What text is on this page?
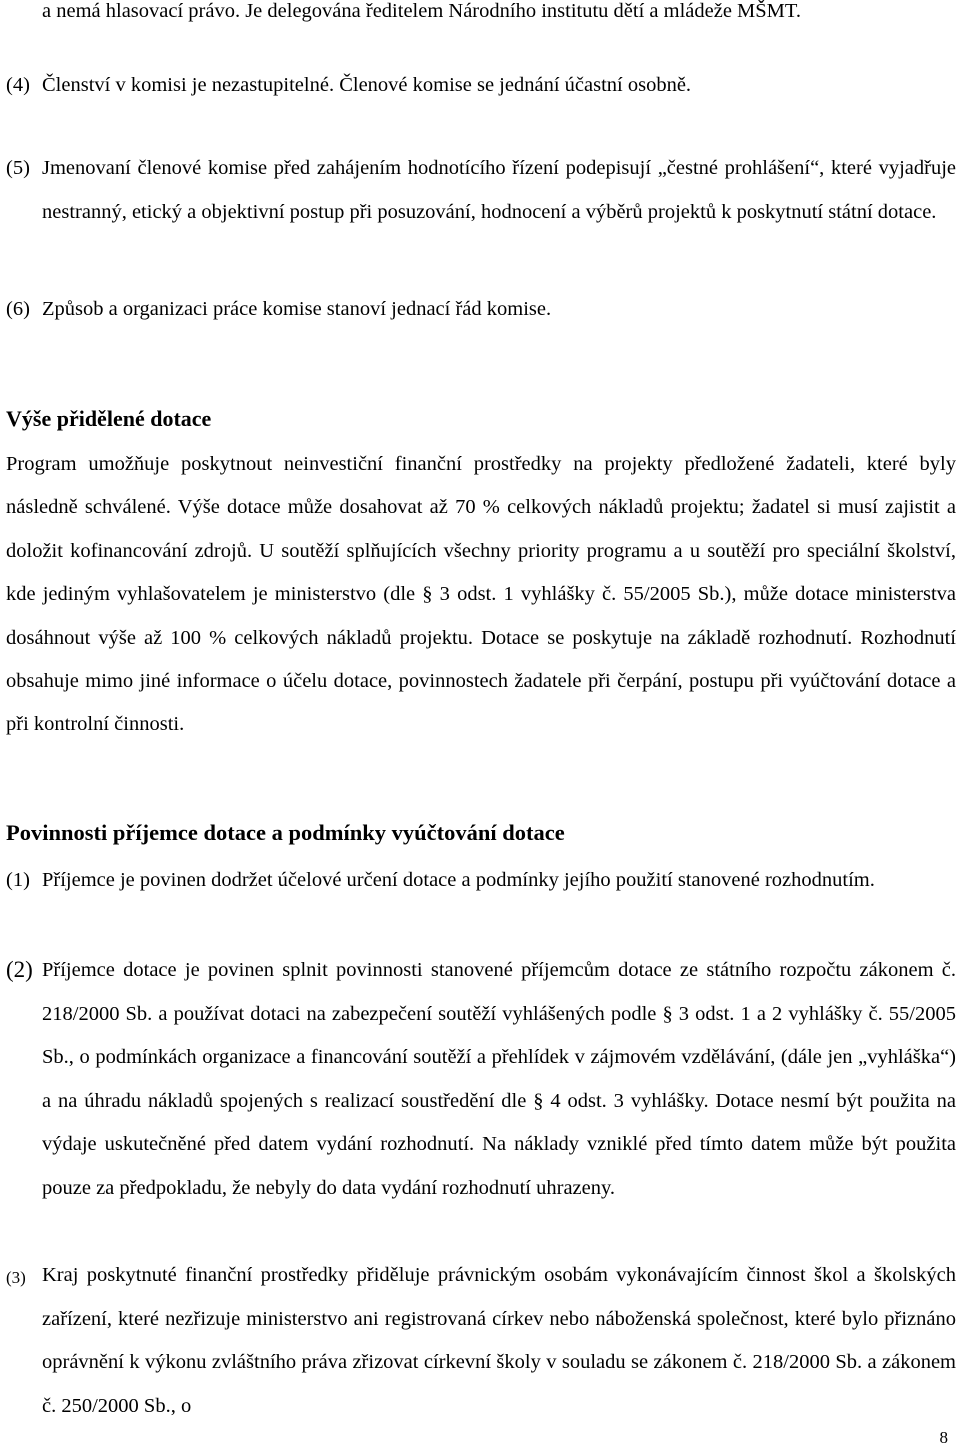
a nemá hlasovací právo. Je delegována ředitelem Národního institutu dětí a mládeže MŠMT.

(4) Členství v komisi je nezastupitelné. Členové komise se jednání účastní osobně.
(5) Jmenovaní členové komise před zahájením hodnotícího řízení podepisují „čestné prohlášení“, které vyjadřuje nestranný, etický a objektivní postup při posuzování, hodnocení a výběrů projektů k poskytnutí státní dotace.
(6) Způsob a organizaci práce komise stanoví jednací řád komise.
Výše přidělené dotace

Program umožňuje poskytnout neinvestiční finanční prostředky na projekty předložené žadateli, které byly následně schválené. Výše dotace může dosahovat až 70 % celkových nákladů projektu; žadatel si musí zajistit a doložit kofinancování zdrojů. U soutěží splňujících všechny priority programu a u soutěží pro speciální školství, kde jediným vyhlašovatelem je ministerstvo (dle § 3 odst. 1 vyhlášky č. 55/2005 Sb.), může dotace ministerstva dosáhnout výše až 100 % celkových nákladů projektu. Dotace se poskytuje na základě rozhodnutí. Rozhodnutí obsahuje mimo jiné informace o účelu dotace, povinnostech žadatele při čerpání, postupu při vyúčtování dotace a při kontrolní činnosti.

Povinnosti příjemce dotace a podmínky vyúčtování dotace
(1) Příjemce je povinen dodržet účelové určení dotace a podmínky jejího použití stanovené rozhodnutím.
(2) Příjemce dotace je povinen splnit povinnosti stanovené příjemcům dotace ze státního rozpočtu zákonem č. 218/2000 Sb. a používat dotaci na zabezpečení soutěží vyhlášených podle § 3 odst. 1 a 2 vyhlášky č. 55/2005 Sb., o podmínkách organizace a financování soutěží a přehlídek v zájmovém vzdělávání, (dále jen „vyhláška“) a na úhradu nákladů spojených s realizací soustředění dle § 4 odst. 3 vyhlášky. Dotace nesmí být použita na výdaje uskutečněné před datem vydání rozhodnutí. Na náklady vzniklé před tímto datem může být použita pouze za předpokladu, že nebyly do data vydání rozhodnutí uhrazeny.
(3) Kraj poskytnuté finanční prostředky přiděluje právnickým osobám vykonávajícím činnost škol a školských zařízení, které nezřizuje ministerstvo ani registrovaná církev nebo náboženská společnost, které bylo přiznáno oprávnění k výkonu zvláštního práva zřizovat církevní školy v souladu se zákonem č. 218/2000 Sb. a zákonem č. 250/2000 Sb., o
8
